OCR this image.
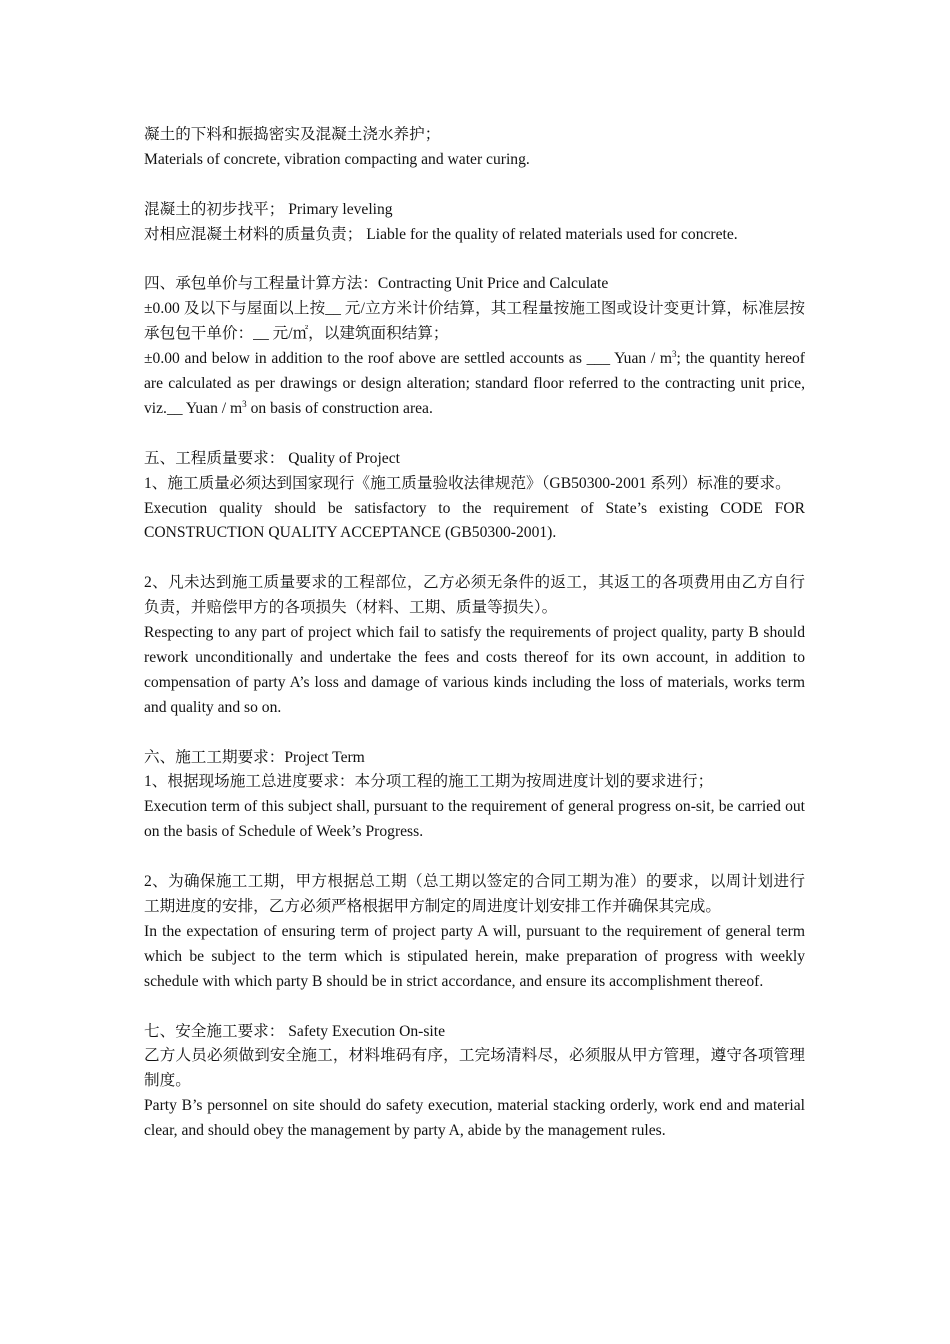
凝土的下料和振捣密实及混凝土浇水养护；

Materials of concrete, vibration compacting and water curing.

混凝土的初步找平； Primary leveling

对相应混凝土材料的质量负责； Liable for the quality of related materials used for concrete.

四、承包单价与工程量计算方法：Contracting Unit Price and Calculate

±0.00 及以下与屋面以上按__ 元/立方米计价结算，其工程量按施工图或设计变更计算，标准层按承包包干单价：__ 元/㎡，以建筑面积结算；

±0.00 and below in addition to the roof above are settled accounts as ___ Yuan / $m^3$; the quantity hereof are calculated as per drawings or design alteration; standard floor referred to the contracting unit price, viz.__ Yuan / $m^3$ on basis of construction area.

五、工程质量要求： Quality of Project

1、施工质量必须达到国家现行《施工质量验收法律规范》（GB50300-2001 系列）标准的要求。

Execution quality should be satisfactory to the requirement of State’s existing CODE FOR CONSTRUCTION QUALITY ACCEPTANCE (GB50300-2001).

2、凡未达到施工质量要求的工程部位，乙方必须无条件的返工，其返工的各项费用由乙方自行负责，并赔偿甲方的各项损失（材料、工期、质量等损失）。

Respecting to any part of project which fail to satisfy the requirements of project quality, party B should rework unconditionally and undertake the fees and costs thereof for its own account, in addition to compensation of party A’s loss and damage of various kinds including the loss of materials, works term and quality and so on.

六、施工工期要求：Project Term

1、根据现场施工总进度要求：本分项工程的施工工期为按周进度计划的要求进行；

Execution term of this subject shall, pursuant to the requirement of general progress on-sit, be carried out on the basis of Schedule of Week’s Progress.

2、为确保施工工期，甲方根据总工期（总工期以签定的合同工期为准）的要求，以周计划进行工期进度的安排，乙方必须严格根据甲方制定的周进度计划安排工作并确保其完成。

In the expectation of ensuring term of project party A will, pursuant to the requirement of general term which be subject to the term which is stipulated herein, make preparation of progress with weekly schedule with which party B should be in strict accordance, and ensure its accomplishment thereof.

七、安全施工要求： Safety Execution On-site

乙方人员必须做到安全施工，材料堆码有序，工完场清料尽，必须服从甲方管理，遵守各项管理制度。

Party B’s personnel on site should do safety execution, material stacking orderly, work end and material clear, and should obey the management by party A, abide by the management rules.
